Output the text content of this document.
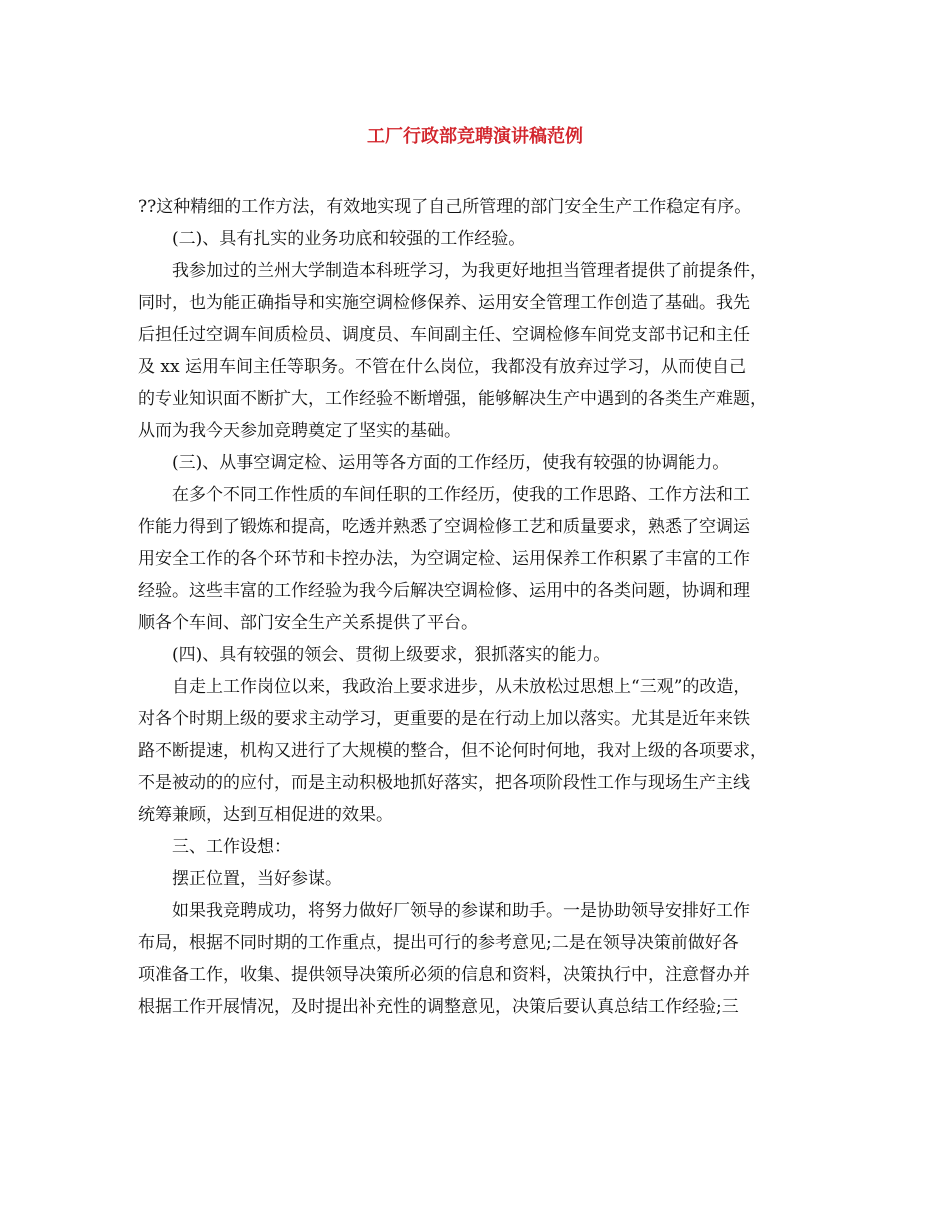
工厂行政部竞聘演讲稿范例
??这种精细的工作方法，有效地实现了自己所管理的部门安全生产工作稳定有序。
(二)、具有扎实的业务功底和较强的工作经验。
我参加过的兰州大学制造本科班学习，为我更好地担当管理者提供了前提条件，
同时，也为能正确指导和实施空调检修保养、运用安全管理工作创造了基础。我先
后担任过空调车间质检员、调度员、车间副主任、空调检修车间党支部书记和主任
及 xx 运用车间主任等职务。不管在什么岗位，我都没有放弃过学习，从而使自己
的专业知识面不断扩大，工作经验不断增强，能够解决生产中遇到的各类生产难题，
从而为我今天参加竞聘奠定了坚实的基础。
(三)、从事空调定检、运用等各方面的工作经历，使我有较强的协调能力。
在多个不同工作性质的车间任职的工作经历，使我的工作思路、工作方法和工
作能力得到了锻炼和提高，吃透并熟悉了空调检修工艺和质量要求，熟悉了空调运
用安全工作的各个环节和卡控办法，为空调定检、运用保养工作积累了丰富的工作
经验。这些丰富的工作经验为我今后解决空调检修、运用中的各类问题，协调和理
顺各个车间、部门安全生产关系提供了平台。
(四)、具有较强的领会、贯彻上级要求，狠抓落实的能力。
自走上工作岗位以来，我政治上要求进步，从未放松过思想上“三观”的改造，
对各个时期上级的要求主动学习，更重要的是在行动上加以落实。尤其是近年来铁
路不断提速，机构又进行了大规模的整合，但不论何时何地，我对上级的各项要求，
不是被动的的应付，而是主动积极地抓好落实，把各项阶段性工作与现场生产主线
统筹兼顾，达到互相促进的效果。
三、工作设想：
摆正位置，当好参谋。
如果我竞聘成功，将努力做好厂领导的参谋和助手。一是协助领导安排好工作
布局，根据不同时期的工作重点，提出可行的参考意见;二是在领导决策前做好各
项准备工作，收集、提供领导决策所必须的信息和资料，决策执行中，注意督办并
根据工作开展情况，及时提出补充性的调整意见，决策后要认真总结工作经验;三
